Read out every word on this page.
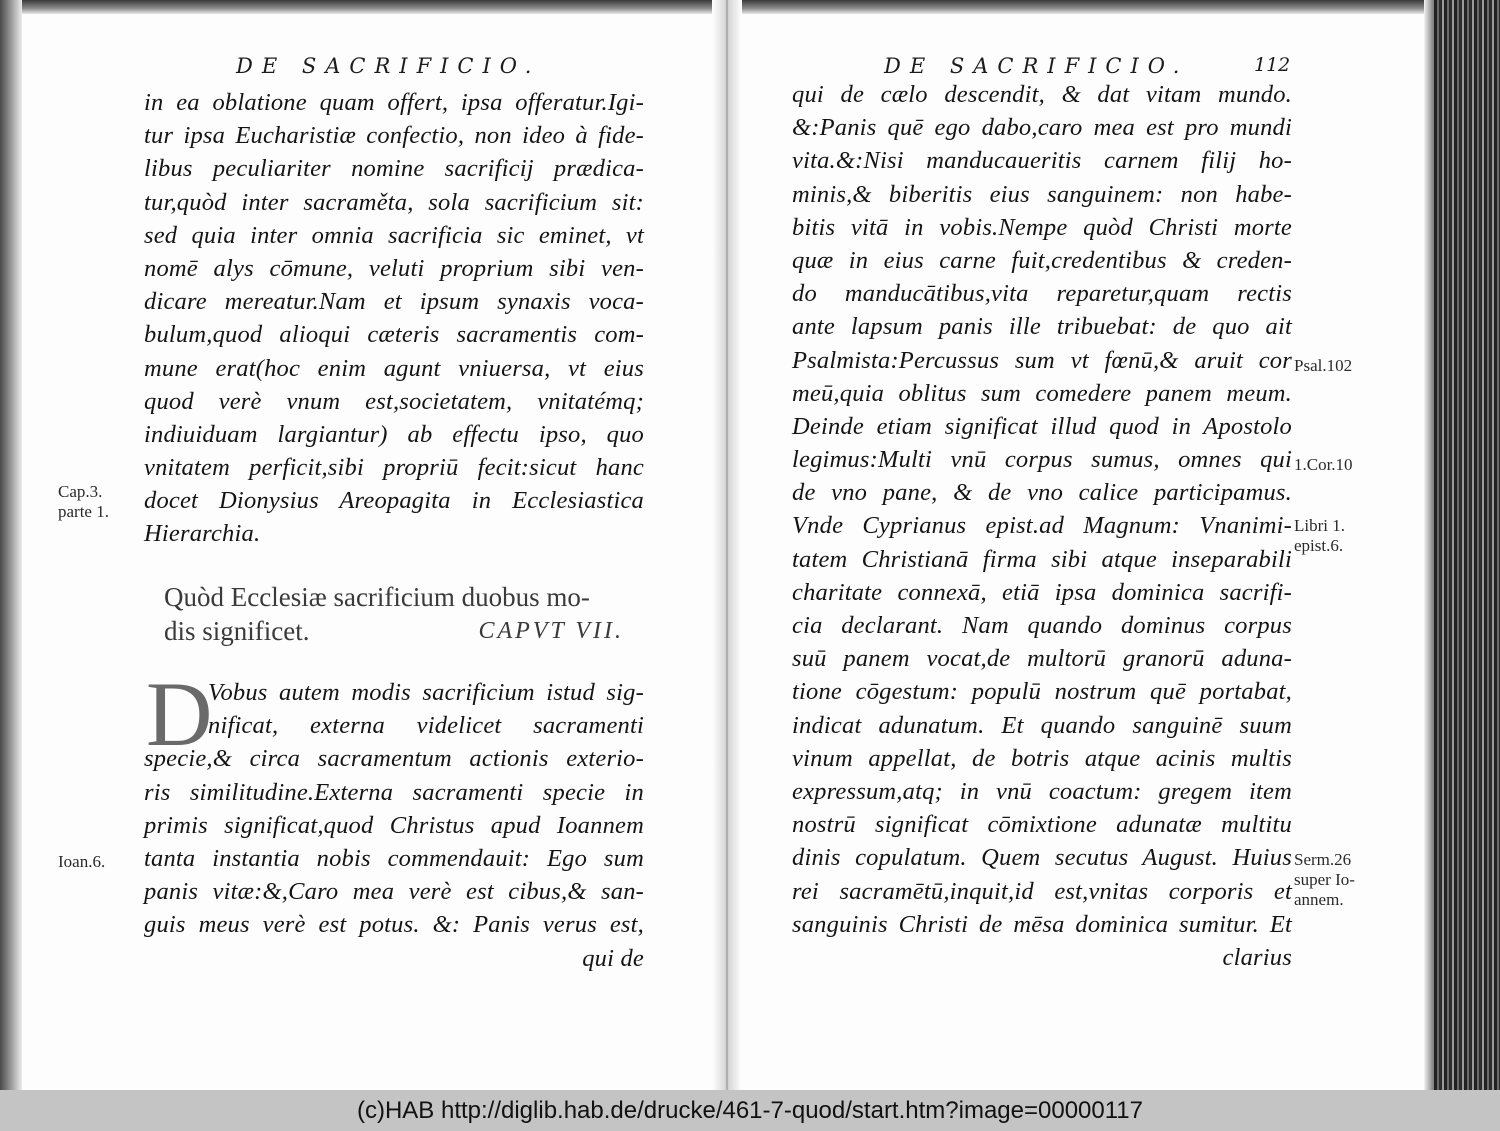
DE SACRIFICIO.
in ea oblatione quam offert, ipsa offeratur.Igi-
tur ipsa Eucharistiæ confectio, non ideo à fide-
libus peculiariter nomine sacrificij prædica-
tur,quòd inter sacraměta, sola sacrificium sit:
sed quia inter omnia sacrificia sic eminet, vt
nomē alys cōmune, veluti proprium sibi ven-
dicare mereatur.Nam et ipsum synaxis voca-
bulum,quod alioqui cæteris sacramentis com-
mune erat(hoc enim agunt vniuersa, vt eius
quod verè vnum est,societatem, vnitatémq;
indiuiduam largiantur) ab effectu ipso, quo
vnitatem perficit,sibi propriū fecit:sicut hanc
docet Dionysius Areopagita in Ecclesiastica
Hierarchia.
Cap.3.
parte 1.
Quòd Ecclesiæ sacrificium duobus mo-
dis significet.	CAPVT VII.
D
Vobus autem modis sacrificium istud sig-
nificat, externa videlicet sacramenti
specie,& circa sacramentum actionis exterio-
ris similitudine.Externa sacramenti specie in
primis significat,quod Christus apud Ioannem
tanta instantia nobis commendauit: Ego sum
panis vitæ:&,Caro mea verè est cibus,& san-
guis meus verè est potus. &: Panis verus est,
qui de
Ioan.6.
DE SACRIFICIO.	112
qui de cælo descendit, & dat vitam mundo.
&:Panis quē ego dabo,caro mea est pro mundi
vita.&:Nisi manducaueritis carnem filij ho-
minis,& biberitis eius sanguinem: non habe-
bitis vitā in vobis.Nempe quòd Christi morte
quæ in eius carne fuit,credentibus & creden-
do manducātibus,vita reparetur,quam rectis
ante lapsum panis ille tribuebat: de quo ait
Psalmista:Percussus sum vt fœnū,& aruit cor
meū,quia oblitus sum comedere panem meum.
Deinde etiam significat illud quod in Apostolo
legimus:Multi vnū corpus sumus, omnes qui
de vno pane, & de vno calice participamus.
Vnde Cyprianus epist.ad Magnum: Vnanimi-
tatem Christianā firma sibi atque inseparabili
charitate connexā, etiā ipsa dominica sacrifi-
cia declarant. Nam quando dominus corpus
suū panem vocat,de multorū granorū aduna-
tione cōgestum: populū nostrum quē portabat,
indicat adunatum. Et quando sanguinē suum
vinum appellat, de botris atque acinis multis
expressum,atq; in vnū coactum: gregem item
nostrū significat cōmixtione adunatæ multitu
dinis copulatum. Quem secutus August. Huius
rei sacramētū,inquit,id est,vnitas corporis et
sanguinis Christi de mēsa dominica sumitur. Et
clarius
Psal.102
1.Cor.10
Libri 1.
epist.6.
Serm.26
super Io-
annem.
(c)HAB http://diglib.hab.de/drucke/461-7-quod/start.htm?image=00000117
